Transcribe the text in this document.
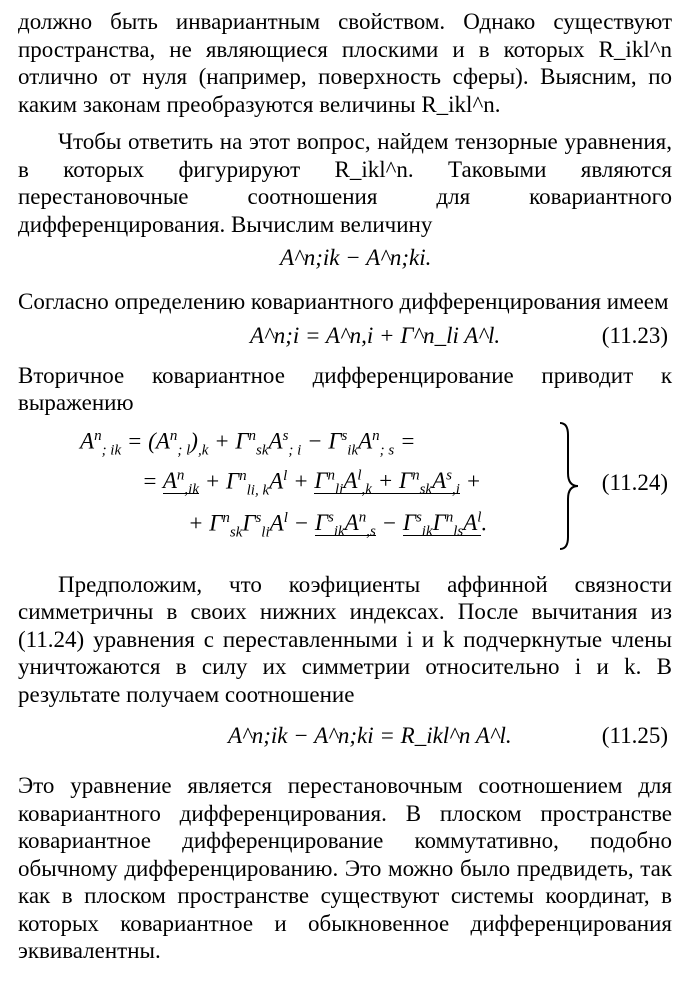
должно быть инвариантным свойством. Однако существуют пространства, не являющиеся плоскими и в которых R_ikl^n отлично от нуля (например, поверхность сферы). Выясним, по каким законам преобразуются величины R_ikl^n.

Чтобы ответить на этот вопрос, найдем тензорные уравнения, в которых фигурируют R_ikl^n. Таковыми являются перестановочные соотношения для ковариантного дифференцирования. Вычислим величину

A^n;ik − A^n;ki.

Согласно определению ковариантного дифференцирования имеем

A^n;i = A^n,i + Γ^n_li A^l.	(11.23)

Вторичное ковариантное дифференцирование приводит к выражению

$A^n_{; ik} = (A^n_{; l})_{,k} + \Gamma^n_{sk}A^s_{; i} - \Gamma^s_{ik}A^n_{; s}$ =
= $A^n_{,ik} + \Gamma^n_{li, k}A^l + \Gamma^n_{li}A^l_{,k} + \Gamma^n_{sk}A^s_{,i}$ +
+ $\Gamma^n_{sk}\Gamma^s_{li}A^l - \Gamma^s_{ik}A^n_{,s} - \Gamma^s_{ik}\Gamma^n_{ls}A^l$.
(11.24)

Предположим, что коэфициенты аффинной связности симметричны в своих нижних индексах. После вычитания из (11.24) уравнения с переставленными i и k подчеркнутые члены уничтожаются в силу их симметрии относительно i и k. В результате получаем соотношение

A^n;ik − A^n;ki = R_ikl^n A^l.	(11.25)

Это уравнение является перестановочным соотношением для ковариантного дифференцирования. В плоском пространстве ковариантное дифференцирование коммутативно, подобно обычному дифференцированию. Это можно было предвидеть, так как в плоском пространстве существуют системы координат, в которых ковариантное и обыкновенное дифференцирования эквивалентны.
